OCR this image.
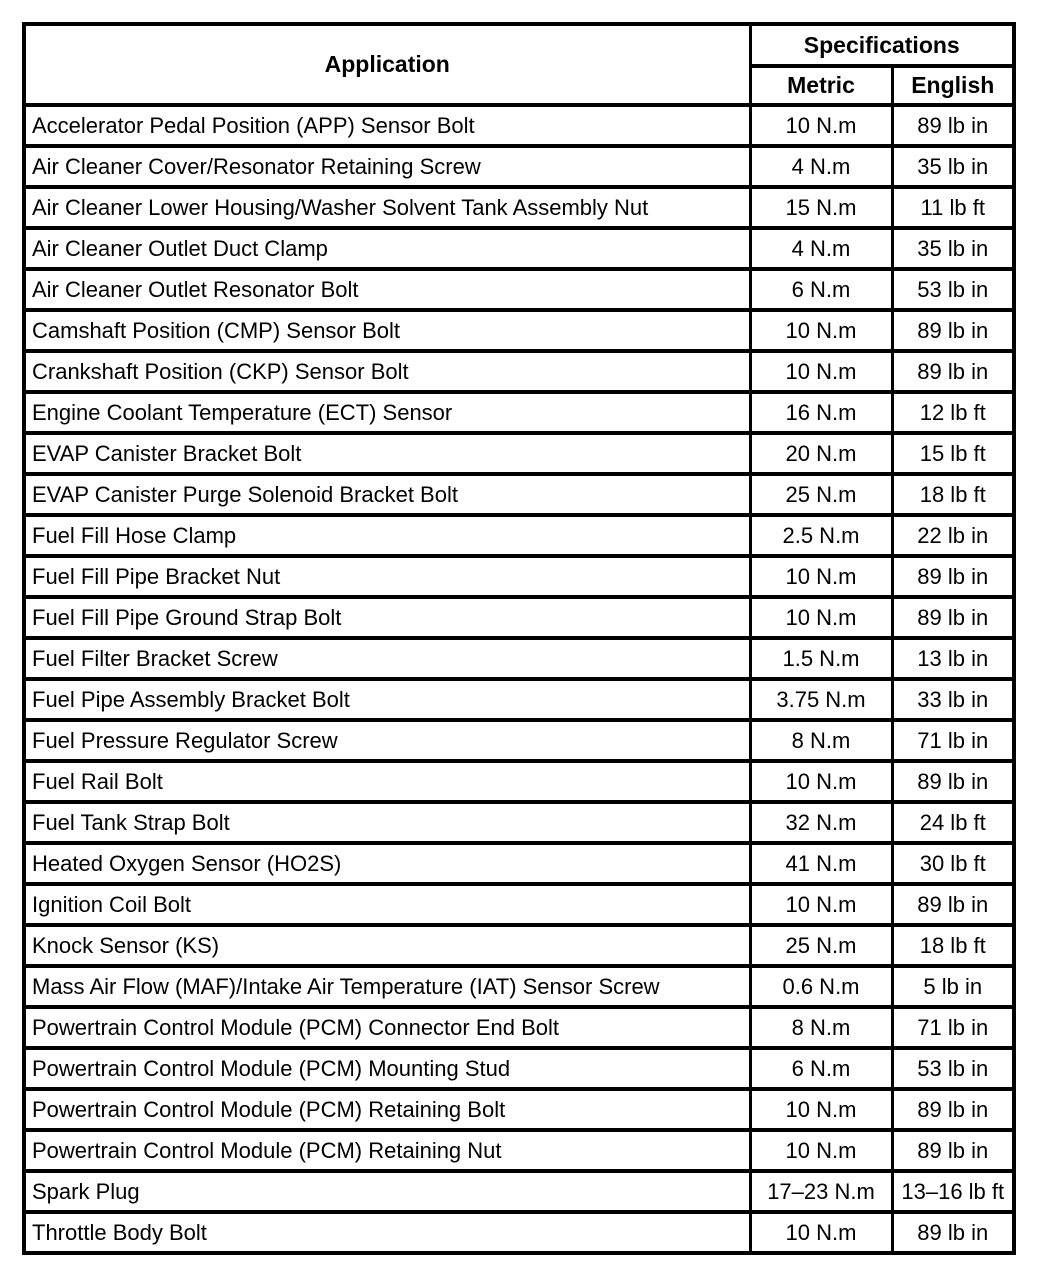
Application	Specifications	
	Metric	English
Accelerator Pedal Position (APP) Sensor Bolt	10 N.m	89 lb in
Air Cleaner Cover/Resonator Retaining Screw	4 N.m	35 lb in
Air Cleaner Lower Housing/Washer Solvent Tank Assembly Nut	15 N.m	11 lb ft
Air Cleaner Outlet Duct Clamp	4 N.m	35 lb in
Air Cleaner Outlet Resonator Bolt	6 N.m	53 lb in
Camshaft Position (CMP) Sensor Bolt	10 N.m	89 lb in
Crankshaft Position (CKP) Sensor Bolt	10 N.m	89 lb in
Engine Coolant Temperature (ECT) Sensor	16 N.m	12 lb ft
EVAP Canister Bracket Bolt	20 N.m	15 lb ft
EVAP Canister Purge Solenoid Bracket Bolt	25 N.m	18 lb ft
Fuel Fill Hose Clamp	2.5 N.m	22 lb in
Fuel Fill Pipe Bracket Nut	10 N.m	89 lb in
Fuel Fill Pipe Ground Strap Bolt	10 N.m	89 lb in
Fuel Filter Bracket Screw	1.5 N.m	13 lb in
Fuel Pipe Assembly Bracket Bolt	3.75 N.m	33 lb in
Fuel Pressure Regulator Screw	8 N.m	71 lb in
Fuel Rail Bolt	10 N.m	89 lb in
Fuel Tank Strap Bolt	32 N.m	24 lb ft
Heated Oxygen Sensor (HO2S)	41 N.m	30 lb ft
Ignition Coil Bolt	10 N.m	89 lb in
Knock Sensor (KS)	25 N.m	18 lb ft
Mass Air Flow (MAF)/Intake Air Temperature (IAT) Sensor Screw	0.6 N.m	5 lb in
Powertrain Control Module (PCM) Connector End Bolt	8 N.m	71 lb in
Powertrain Control Module (PCM) Mounting Stud	6 N.m	53 lb in
Powertrain Control Module (PCM) Retaining Bolt	10 N.m	89 lb in
Powertrain Control Module (PCM) Retaining Nut	10 N.m	89 lb in
Spark Plug	17–23 N.m	13–16 lb ft
Throttle Body Bolt	10 N.m	89 lb in
